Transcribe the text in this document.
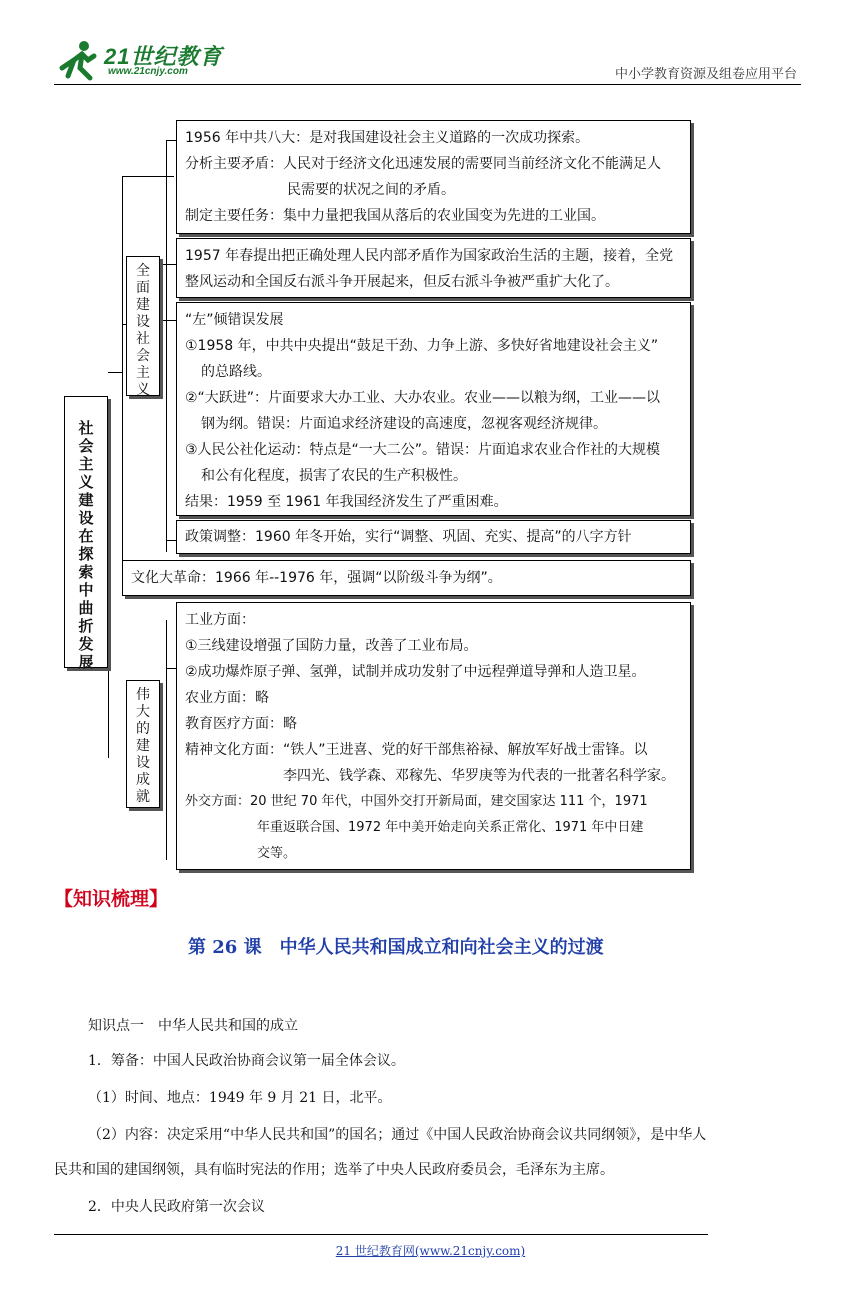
21世纪教育
www.21cnjy.com	中小学教育资源及组卷应用平台
社会主义建设在探索中曲折发展
全面建设社会主义
伟大的建设成就
1956 年中共八大：是对我国建设社会主义道路的一次成功探索。
分析主要矛盾：人民对于经济文化迅速发展的需要同当前经济文化不能满足人
民需要的状况之间的矛盾。
制定主要任务：集中力量把我国从落后的农业国变为先进的工业国。
1957 年春提出把正确处理人民内部矛盾作为国家政治生活的主题，接着，全党
整风运动和全国反右派斗争开展起来，但反右派斗争被严重扩大化了。
“左”倾错误发展
①1958 年，中共中央提出“鼓足干劲、力争上游、多快好省地建设社会主义”
的总路线。
②“大跃进”：片面要求大办工业、大办农业。农业——以粮为纲，工业——以
钢为纲。错误：片面追求经济建设的高速度，忽视客观经济规律。
③人民公社化运动：特点是“一大二公”。错误：片面追求农业合作社的大规模
和公有化程度，损害了农民的生产积极性。
结果：1959 至 1961 年我国经济发生了严重困难。
政策调整：1960 年冬开始，实行“调整、巩固、充实、提高”的八字方针
文化大革命：1966 年--1976 年，强调“以阶级斗争为纲”。
工业方面：
①三线建设增强了国防力量，改善了工业布局。
②成功爆炸原子弹、氢弹，试制并成功发射了中远程弹道导弹和人造卫星。
农业方面：略
教育医疗方面：略
精神文化方面：“铁人”王进喜、党的好干部焦裕禄、解放军好战士雷锋。以
李四光、钱学森、邓稼先、华罗庚等为代表的一批著名科学家。
外交方面：20 世纪 70 年代，中国外交打开新局面，建交国家达 111 个，1971
年重返联合国、1972 年中美开始走向关系正常化、1971 年中日建
交等。
【知识梳理】
第 26 课　中华人民共和国成立和向社会主义的过渡
知识点一　中华人民共和国的成立
1．筹备：中国人民政治协商会议第一届全体会议。
（1）时间、地点：1949 年 9 月 21 日，北平。
（2）内容：决定采用“中华人民共和国”的国名；通过《中国人民政治协商会议共同纲领》，是中华人
民共和国的建国纲领，具有临时宪法的作用；选举了中央人民政府委员会，毛泽东为主席。
2．中央人民政府第一次会议
21 世纪教育网(www.21cnjy.com)
